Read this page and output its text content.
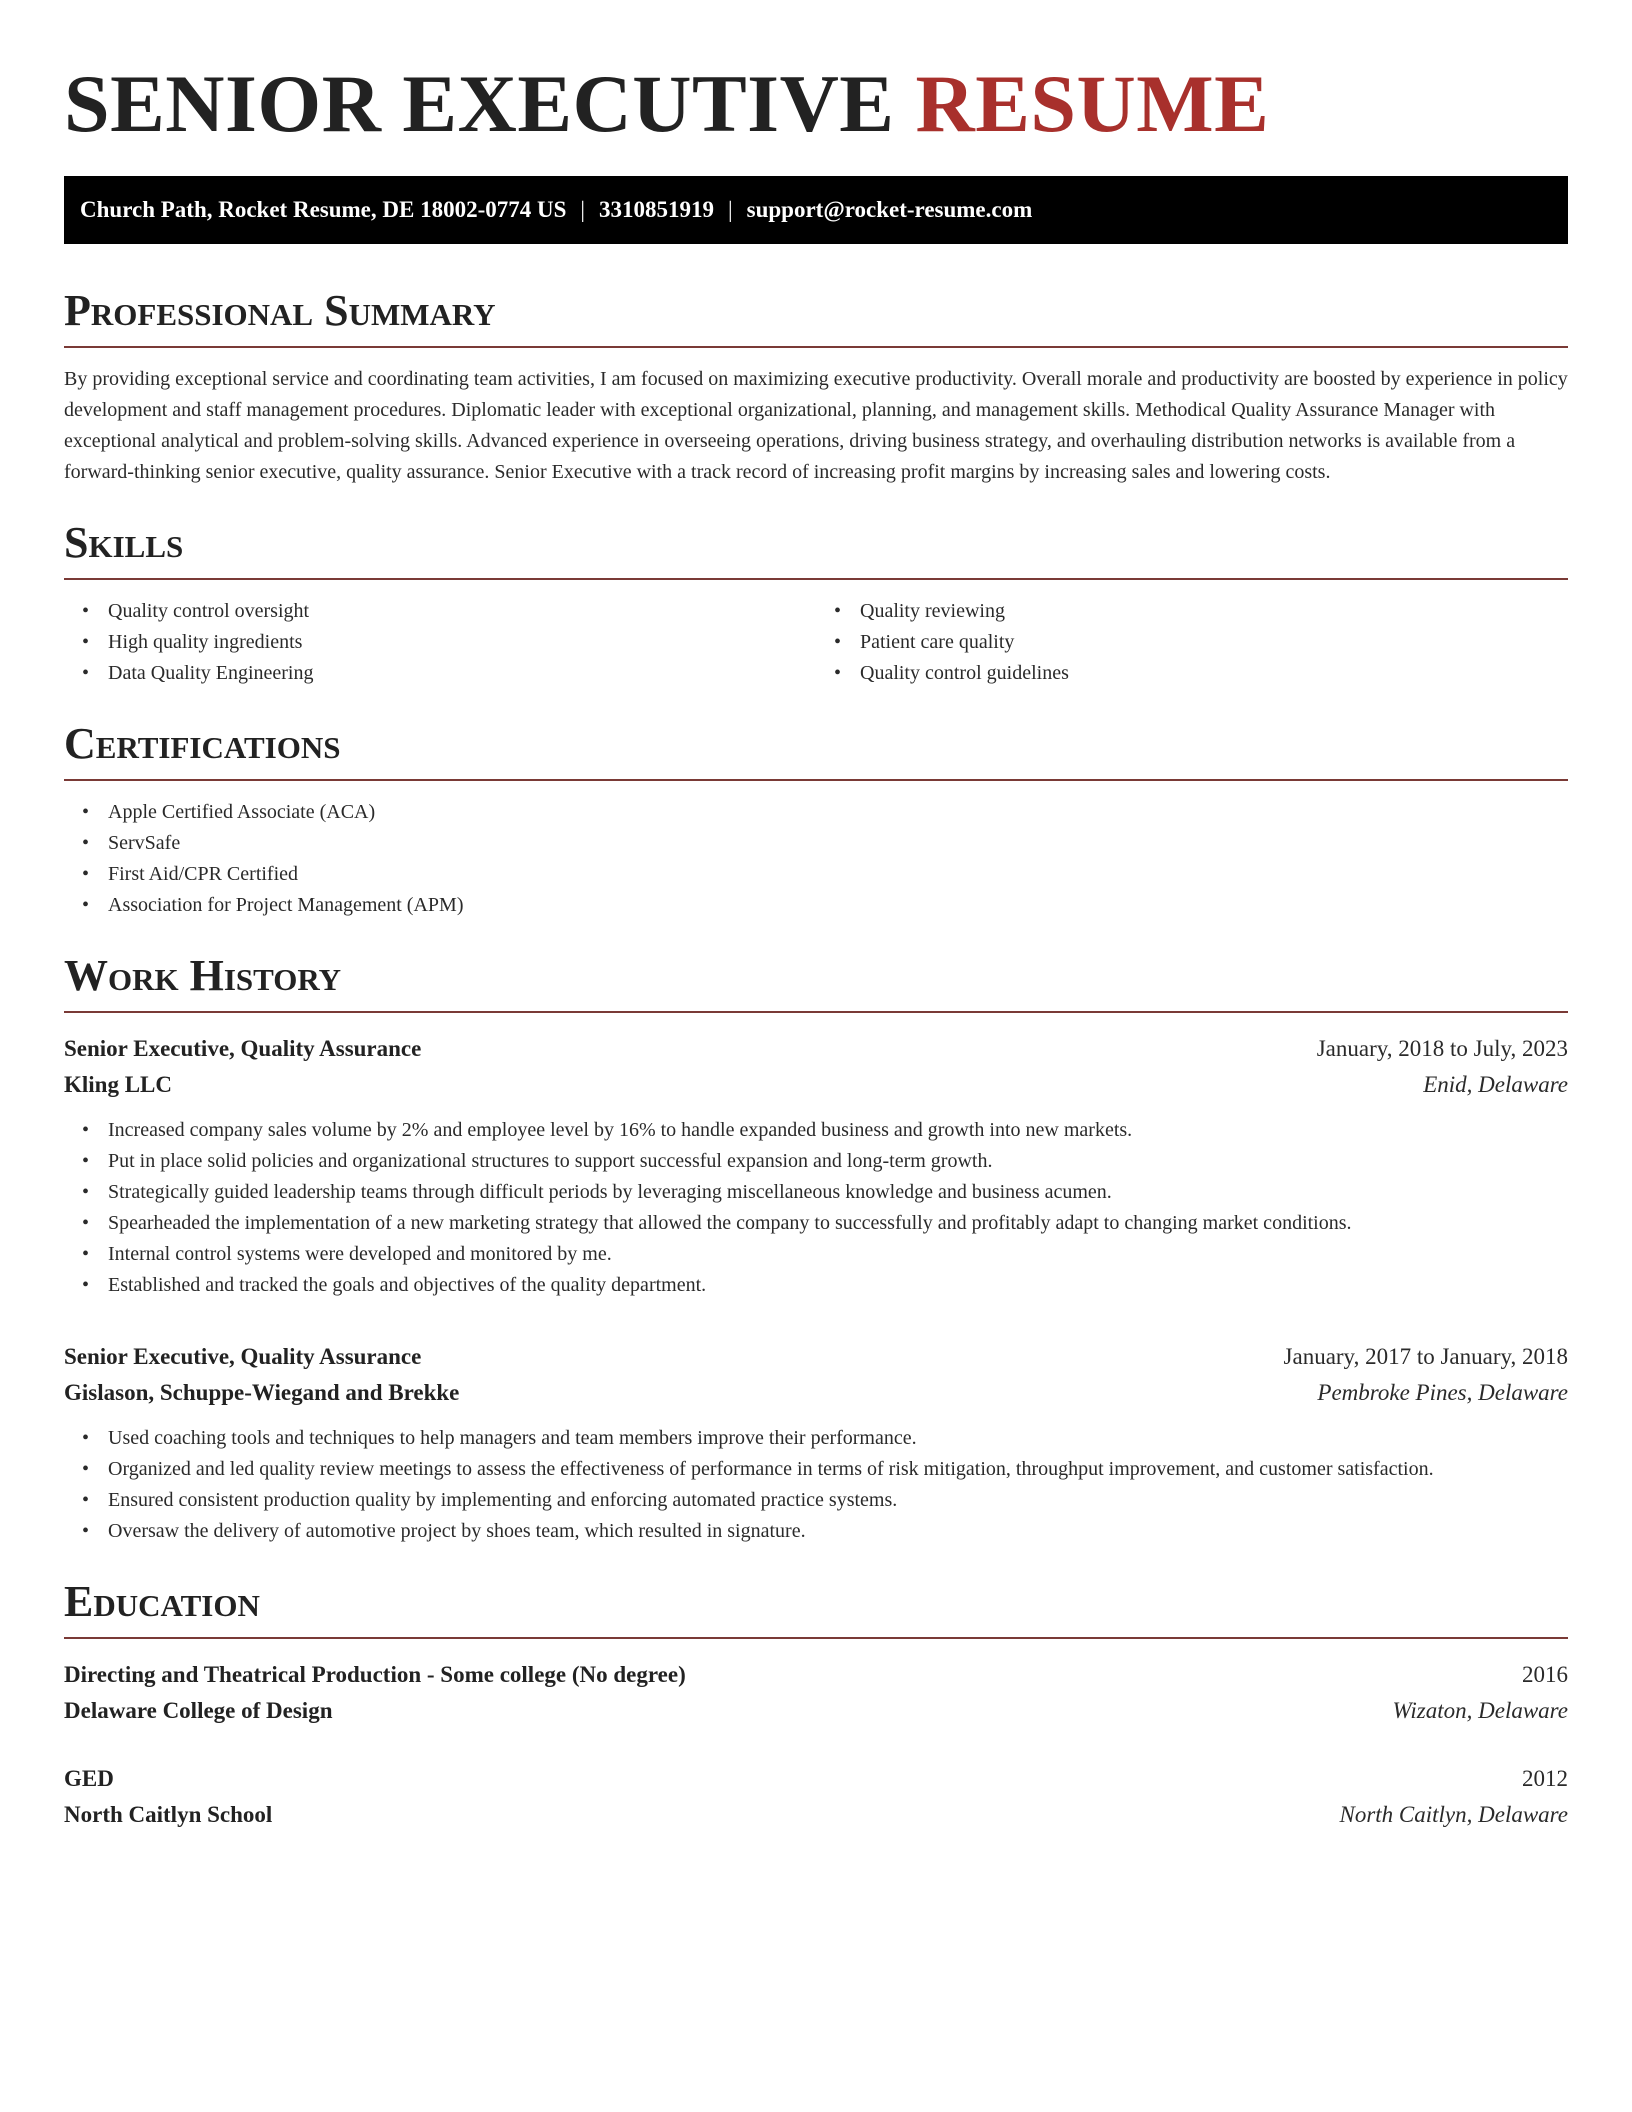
SENIOR EXECUTIVE RESUME
Church Path, Rocket Resume, DE 18002-0774 US | 3310851919 | support@rocket-resume.com
Professional Summary

By providing exceptional service and coordinating team activities, I am focused on maximizing executive productivity. Overall morale and productivity are boosted by experience in policy development and staff management procedures. Diplomatic leader with exceptional organizational, planning, and management skills. Methodical Quality Assurance Manager with exceptional analytical and problem-solving skills. Advanced experience in overseeing operations, driving business strategy, and overhauling distribution networks is available from a forward-thinking senior executive, quality assurance. Senior Executive with a track record of increasing profit margins by increasing sales and lowering costs.

Skills
• Quality control oversight
• High quality ingredients
• Data Quality Engineering
• Quality reviewing
• Patient care quality
• Quality control guidelines
Certifications
• Apple Certified Associate (ACA)
• ServSafe
• First Aid/CPR Certified
• Association for Project Management (APM)
Work History
Senior Executive, Quality Assurance	January, 2018 to July, 2023
Kling LLC	Enid, Delaware
• Increased company sales volume by 2% and employee level by 16% to handle expanded business and growth into new markets.
• Put in place solid policies and organizational structures to support successful expansion and long-term growth.
• Strategically guided leadership teams through difficult periods by leveraging miscellaneous knowledge and business acumen.
• Spearheaded the implementation of a new marketing strategy that allowed the company to successfully and profitably adapt to changing market conditions.
• Internal control systems were developed and monitored by me.
• Established and tracked the goals and objectives of the quality department.
Senior Executive, Quality Assurance	January, 2017 to January, 2018
Gislason, Schuppe-Wiegand and Brekke	Pembroke Pines, Delaware
• Used coaching tools and techniques to help managers and team members improve their performance.
• Organized and led quality review meetings to assess the effectiveness of performance in terms of risk mitigation, throughput improvement, and customer satisfaction.
• Ensured consistent production quality by implementing and enforcing automated practice systems.
• Oversaw the delivery of automotive project by shoes team, which resulted in signature.
Education
Directing and Theatrical Production - Some college (No degree)	2016
Delaware College of Design	Wizaton, Delaware
GED	2012
North Caitlyn School	North Caitlyn, Delaware
